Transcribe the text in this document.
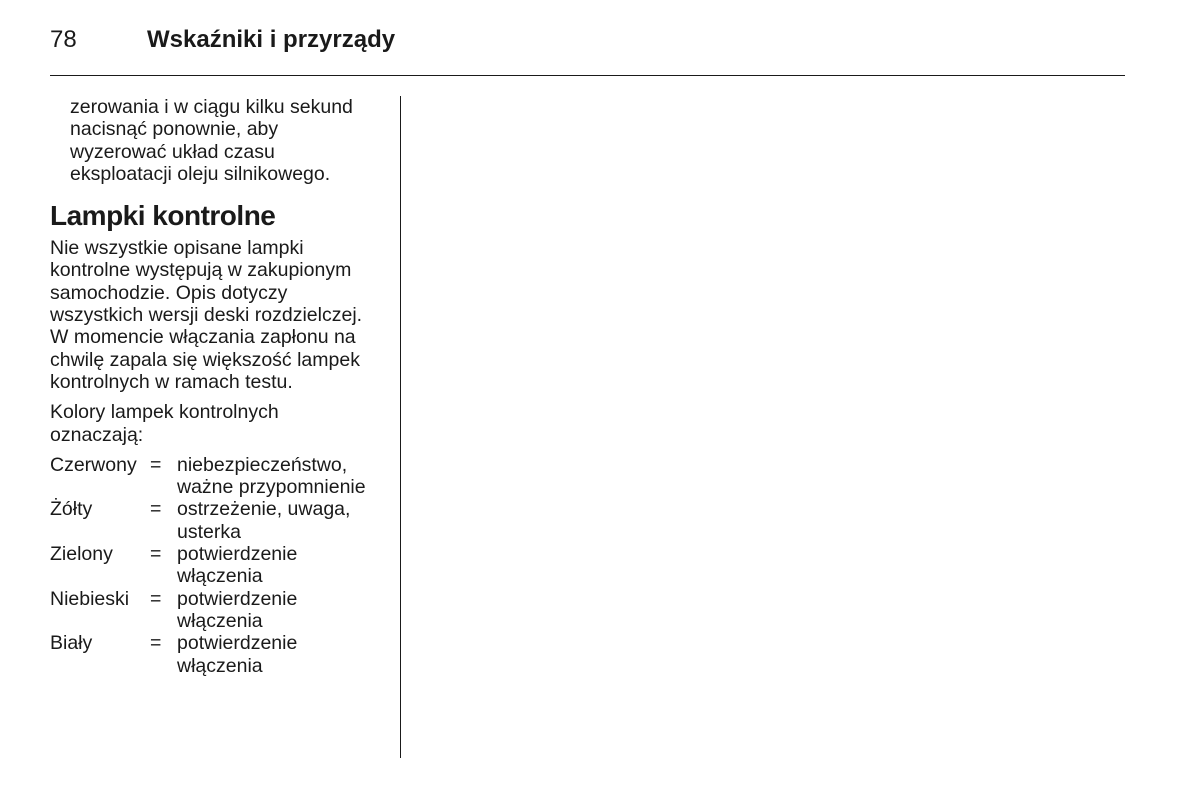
78	Wskaźniki i przyrządy

zerowania i w ciągu kilku sekund
nacisnąć ponownie, aby
wyzerować układ czasu
eksploatacji oleju silnikowego.

Lampki kontrolne

Nie wszystkie opisane lampki
kontrolne występują w zakupionym
samochodzie. Opis dotyczy
wszystkich wersji deski rozdzielczej.
W momencie włączania zapłonu na
chwilę zapala się większość lampek
kontrolnych w ramach testu.

Kolory lampek kontrolnych
oznaczają:

Czerwony	=	niebezpieczeństwo,
ważne przypomnienie
Żółty	=	ostrzeżenie, uwaga,
usterka
Zielony	=	potwierdzenie
włączenia
Niebieski	=	potwierdzenie
włączenia
Biały	=	potwierdzenie
włączenia
